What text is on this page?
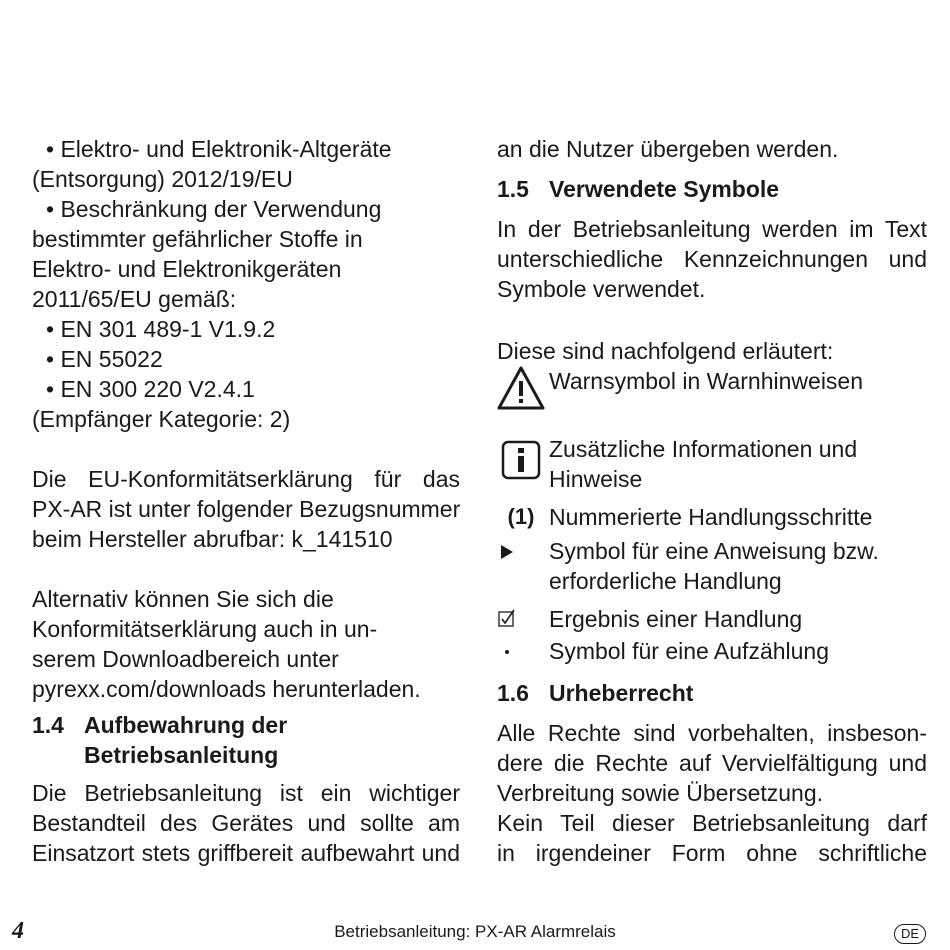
• Elektro- und Elektronik-Altgeräte
(Entsorgung) 2012/19/EU
• Beschränkung der Verwendung
bestimmter gefährlicher Stoffe in
Elektro- und Elektronikgeräten
2011/65/EU gemäß:
• EN 301 489-1 V1.9.2
• EN 55022
• EN 300 220 V2.4.1
(Empfänger Kategorie: 2)
Die EU-Konformitätserklärung für das
PX-AR ist unter folgender Bezugsnummer
beim Hersteller abrufbar: k_141510
Alternativ können Sie sich die
Konformitätserklärung auch in un-
serem Downloadbereich unter
pyrexx.com/downloads herunterladen.
1.4 Aufbewahrung der
Betriebsanleitung
Die Betriebsanleitung ist ein wichtiger
Bestandteil des Gerätes und sollte am
Einsatzort stets griffbereit aufbewahrt und
an die Nutzer übergeben werden.
1.5 Verwendete Symbole
In der Betriebsanleitung werden im Text
unterschiedliche Kennzeichnungen und
Symbole verwendet.
Diese sind nachfolgend erläutert:
Warnsymbol in Warnhinweisen
Zusätzliche Informationen und
Hinweise
(1) Nummerierte Handlungsschritte
Symbol für eine Anweisung bzw.
erforderliche Handlung
Ergebnis einer Handlung
Symbol für eine Aufzählung
1.6 Urheberrecht
Alle Rechte sind vorbehalten, insbeson-
dere die Rechte auf Vervielfältigung und
Verbreitung sowie Übersetzung.
Kein Teil dieser Betriebsanleitung darf
in irgendeiner Form ohne schriftliche
4	Betriebsanleitung: PX-AR Alarmrelais	DE
